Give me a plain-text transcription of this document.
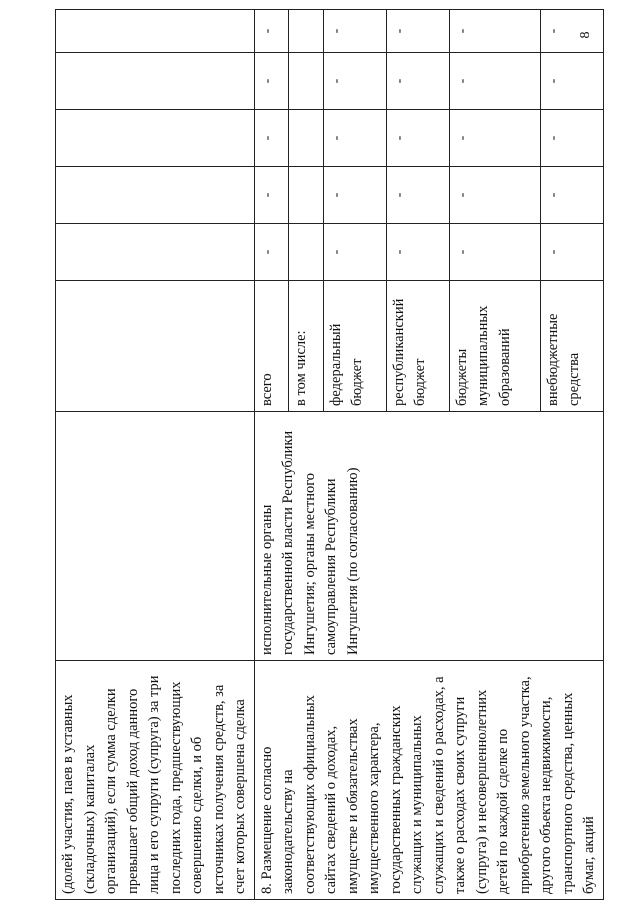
(долей участия, паев в уставных (складочных) капиталах организаций), если сумма сделки превышает общий доход данного лица и его супруги (супруга) за три последних года, предшествующих совершению сделки, и об источниках получения средств, за счет которых совершена сделка							
8. Размещение согласно законодательству на соответствующих официальных сайтах сведений о доходах, имуществе и обязательствах имущественного характера, государственных гражданских служащих и муниципальных служащих и сведений о расходах, а также о расходах своих супруги (супруга) и несовершеннолетних детей по каждой сделке по приобретению земельного участка, другого объекта недвижимости, транспортного средства, ценных бумаг, акций	исполнительные органы государственной власти Республики Ингушетия; органы местного самоуправления Республики Ингушетия (по согласованию)	всего	-	-	-	-	-
		в том числе:					
		федеральный бюджет	-	-	-	-	-
		республиканский бюджет	-	-	-	-	-
		бюджеты муниципальных образований	-	-	-	-	-
		внебюджетные средства	-	-	-	-	-
8
